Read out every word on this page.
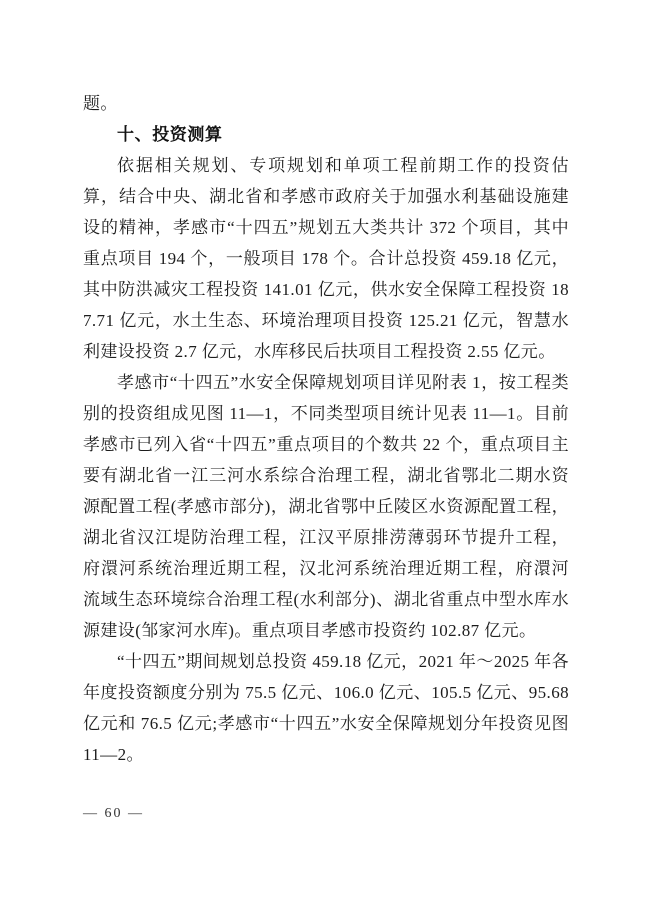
题。

十、投资测算

依据相关规划、专项规划和单项工程前期工作的投资估算，结合中央、湖北省和孝感市政府关于加强水利基础设施建设的精神，孝感市“十四五”规划五大类共计 372 个项目，其中重点项目 194 个，一般项目 178 个。合计总投资 459.18 亿元，其中防洪减灾工程投资 141.01 亿元，供水安全保障工程投资 187.71 亿元，水土生态、环境治理项目投资 125.21 亿元，智慧水利建设投资 2.7 亿元，水库移民后扶项目工程投资 2.55 亿元。

孝感市“十四五”水安全保障规划项目详见附表 1，按工程类别的投资组成见图 11—1，不同类型项目统计见表 11—1。目前孝感市已列入省“十四五”重点项目的个数共 22 个，重点项目主要有湖北省一江三河水系综合治理工程，湖北省鄂北二期水资源配置工程(孝感市部分)，湖北省鄂中丘陵区水资源配置工程，湖北省汉江堤防治理工程，江汉平原排涝薄弱环节提升工程，府澴河系统治理近期工程，汉北河系统治理近期工程，府澴河流域生态环境综合治理工程(水利部分)、湖北省重点中型水库水源建设(邹家河水库)。重点项目孝感市投资约 102.87 亿元。

“十四五”期间规划总投资 459.18 亿元，2021 年～2025 年各年度投资额度分别为 75.5 亿元、106.0 亿元、105.5 亿元、95.68 亿元和 76.5 亿元;孝感市“十四五”水安全保障规划分年投资见图 11—2。

— 60 —
